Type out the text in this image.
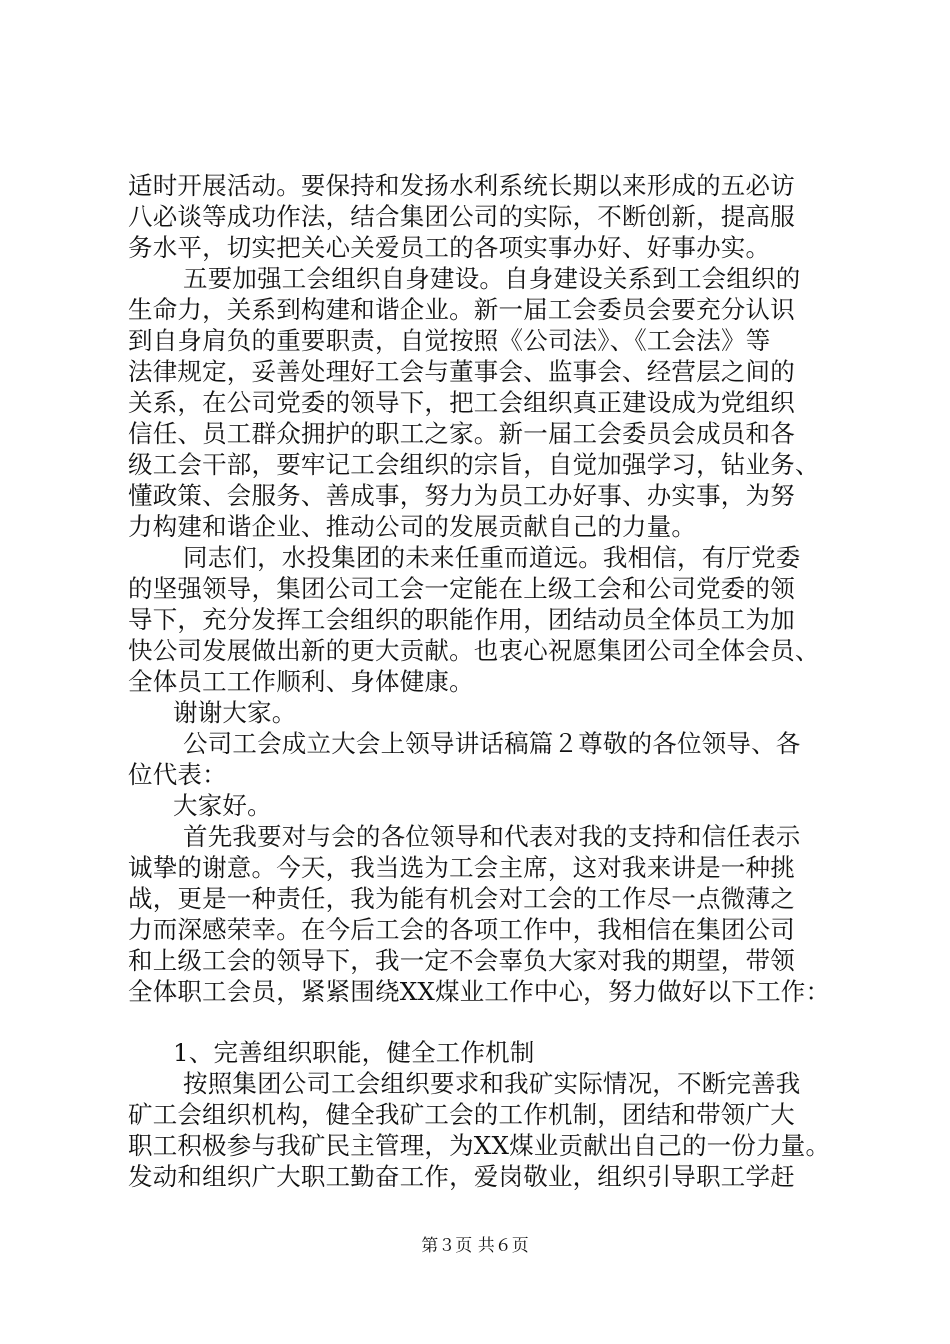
适时开展活动。要保持和发扬水利系统长期以来形成的五必访
八必谈等成功作法，结合集团公司的实际，不断创新，提高服
务水平，切实把关心关爱员工的各项实事办好、好事办实。
五要加强工会组织自身建设。自身建设关系到工会组织的
生命力，关系到构建和谐企业。新一届工会委员会要充分认识
到自身肩负的重要职责，自觉按照《公司法》、《工会法》等
法律规定，妥善处理好工会与董事会、监事会、经营层之间的
关系，在公司党委的领导下，把工会组织真正建设成为党组织
信任、员工群众拥护的职工之家。新一届工会委员会成员和各
级工会干部，要牢记工会组织的宗旨，自觉加强学习，钻业务、
懂政策、会服务、善成事，努力为员工办好事、办实事，为努
力构建和谐企业、推动公司的发展贡献自己的力量。
同志们，水投集团的未来任重而道远。我相信，有厅党委
的坚强领导，集团公司工会一定能在上级工会和公司党委的领
导下，充分发挥工会组织的职能作用，团结动员全体员工为加
快公司发展做出新的更大贡献。也衷心祝愿集团公司全体会员、
全体员工工作顺利、身体健康。
谢谢大家。
公司工会成立大会上领导讲话稿篇２尊敬的各位领导、各
位代表：
大家好。
首先我要对与会的各位领导和代表对我的支持和信任表示
诚挚的谢意。今天，我当选为工会主席，这对我来讲是一种挑
战，更是一种责任，我为能有机会对工会的工作尽一点微薄之
力而深感荣幸。在今后工会的各项工作中，我相信在集团公司
和上级工会的领导下，我一定不会辜负大家对我的期望，带领
全体职工会员，紧紧围绕XX煤业工作中心，努力做好以下工作：
1、完善组织职能，健全工作机制
按照集团公司工会组织要求和我矿实际情况，不断完善我
矿工会组织机构，健全我矿工会的工作机制，团结和带领广大
职工积极参与我矿民主管理，为XX煤业贡献出自己的一份力量。
发动和组织广大职工勤奋工作，爱岗敬业，组织引导职工学赶
第３页 共６页
